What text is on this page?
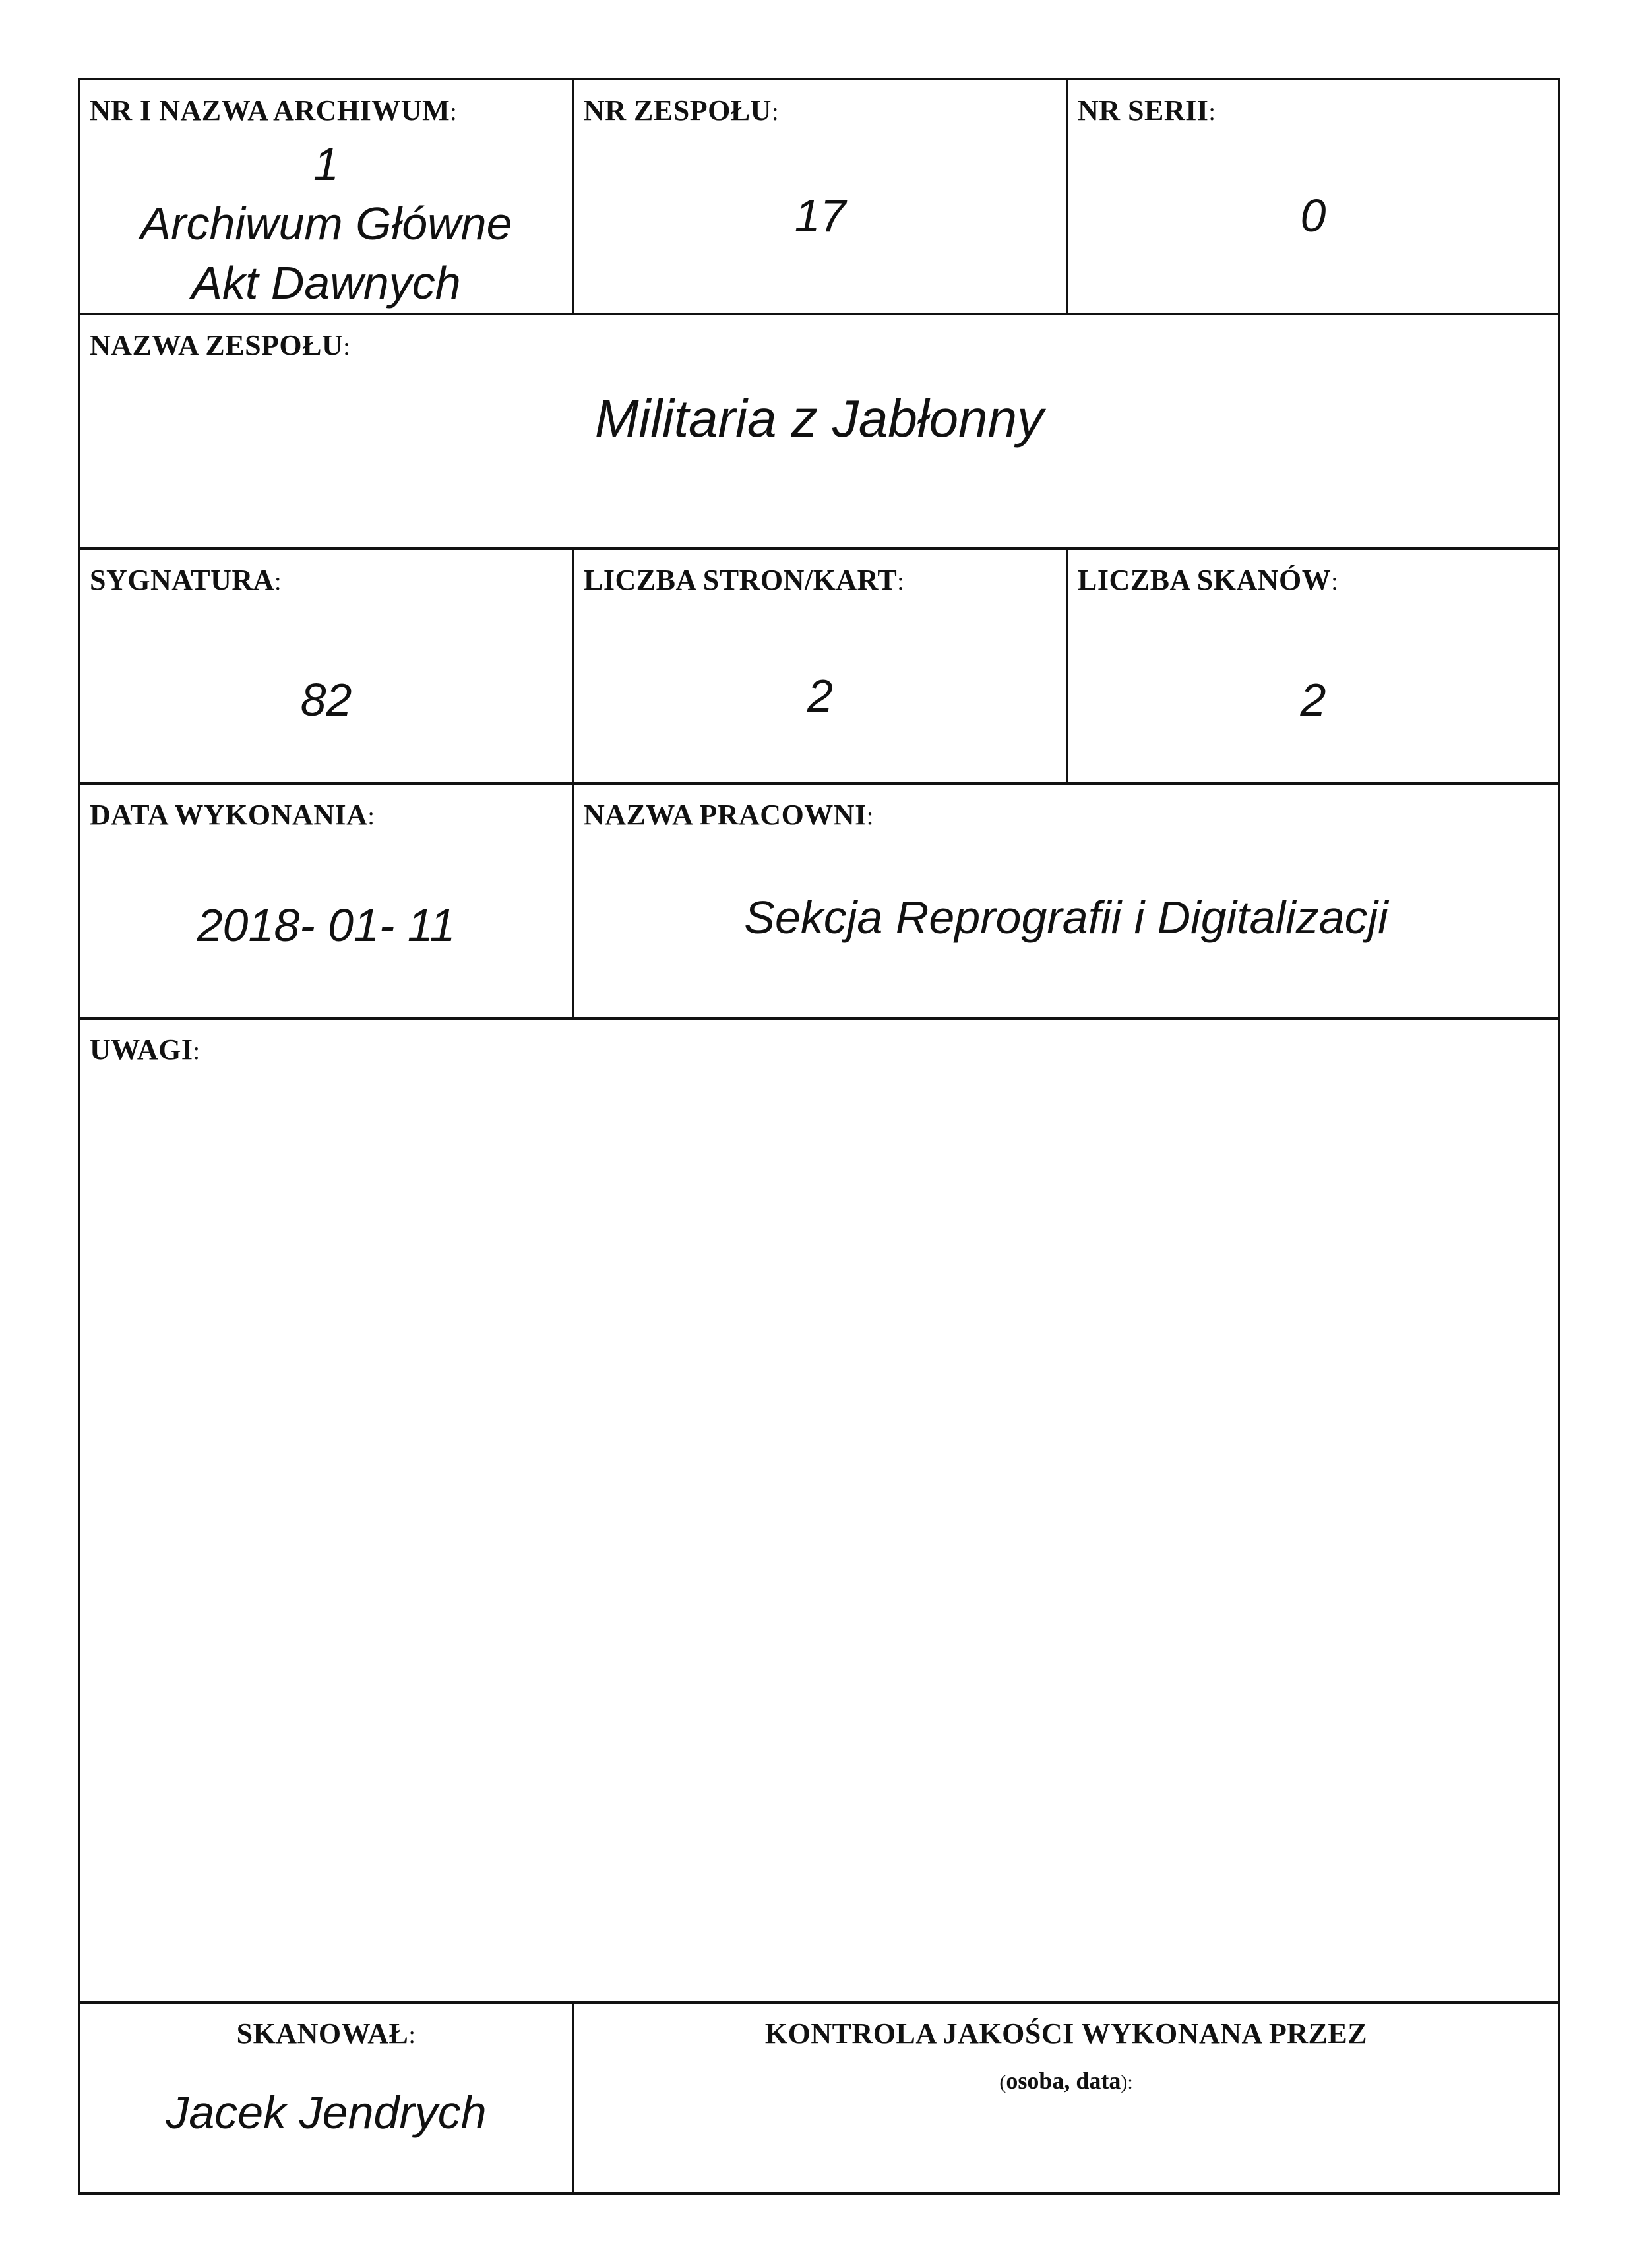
NR I NAZWA ARCHIWUM:
1
Archiwum Główne
Akt Dawnych
NR ZESPOŁU:
17
NR SERII:
0
NAZWA ZESPOŁU:
Militaria z Jabłonny
SYGNATURA:
82
LICZBA STRON/KART:
2
LICZBA SKANÓW:
2
DATA WYKONANIA:
2018- 01- 11
NAZWA PRACOWNI:
Sekcja Reprografii i Digitalizacji
UWAGI:
SKANOWAŁ:
Jacek Jendrych
KONTROLA JAKOŚCI WYKONANA PRZEZ
(osoba, data):
